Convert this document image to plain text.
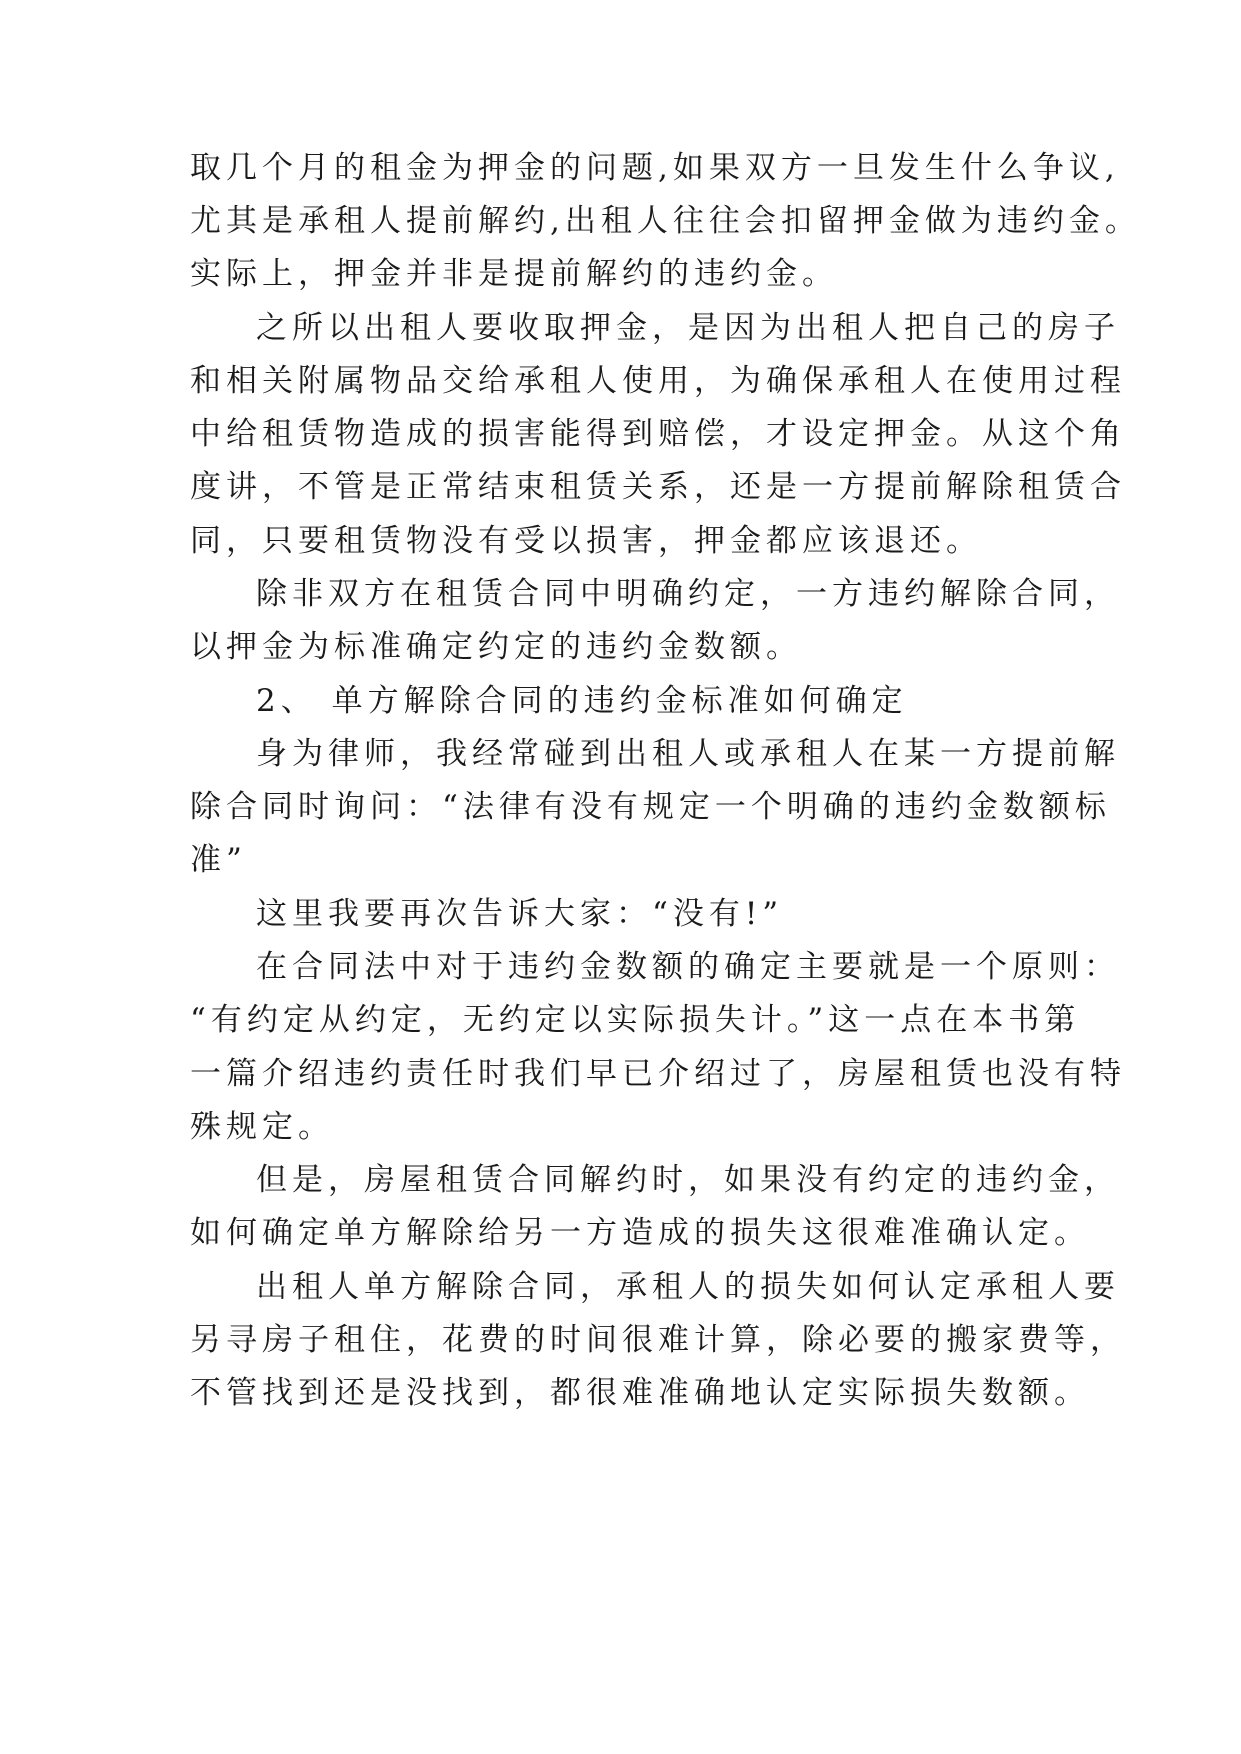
取几个月的租金为押金的问题,如果双方一旦发生什么争议,

尤其是承租人提前解约,出租人往往会扣留押金做为违约金。

实际上，押金并非是提前解约的违约金。

之所以出租人要收取押金，是因为出租人把自己的房子

和相关附属物品交给承租人使用，为确保承租人在使用过程

中给租赁物造成的损害能得到赔偿，才设定押金。从这个角

度讲，不管是正常结束租赁关系，还是一方提前解除租赁合

同，只要租赁物没有受以损害，押金都应该退还。

除非双方在租赁合同中明确约定，一方违约解除合同，

以押金为标准确定约定的违约金数额。

2、 单方解除合同的违约金标准如何确定

身为律师，我经常碰到出租人或承租人在某一方提前解

除合同时询问：“法律有没有规定一个明确的违约金数额标

准”

这里我要再次告诉大家：“没有!”

在合同法中对于违约金数额的确定主要就是一个原则：

“有约定从约定，无约定以实际损失计。”这一点在本书第

一篇介绍违约责任时我们早已介绍过了，房屋租赁也没有特

殊规定。

但是，房屋租赁合同解约时，如果没有约定的违约金，

如何确定单方解除给另一方造成的损失这很难准确认定。

出租人单方解除合同，承租人的损失如何认定承租人要

另寻房子租住，花费的时间很难计算，除必要的搬家费等，

不管找到还是没找到，都很难准确地认定实际损失数额。
